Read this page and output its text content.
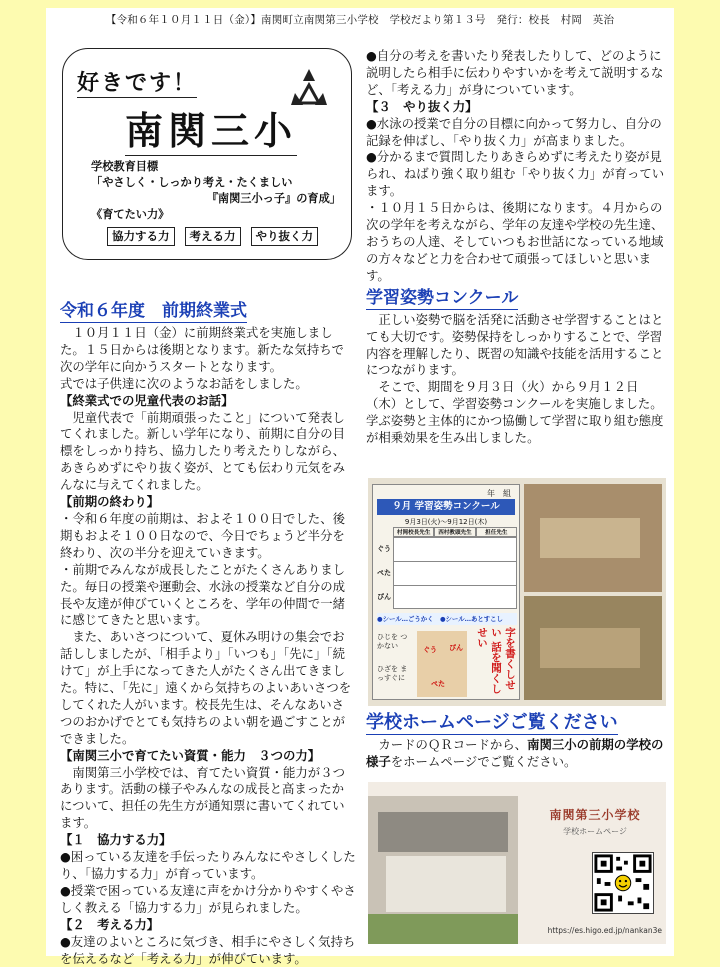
【令和６年１０月１１日（金）】南関町立南関第三小学校　学校だより第１３号　発行：校長　村岡　英治
好きです！
南関三小
学校教育目標
「やさしく・しっかり考え・たくましい
『南関三小っ子』の育成」
《育てたい力》
協力する力	考える力	やり抜く力
令和６年度　前期終業式

１０月１１日（金）に前期終業式を実施しました。１５日からは後期となります。新たな気持ちで次の学年に向かうスタートとなります。

式では子供達に次のようなお話をしました。

【終業式での児童代表のお話】

児童代表で「前期頑張ったこと」について発表してくれました。新しい学年になり、前期に自分の目標をしっかり持ち、協力したり考えたりしながら、あきらめずにやり抜く姿が、とても伝わり元気をみんなに与えてくれました。

【前期の終わり】

・令和６年度の前期は、およそ１００日でした、後期もおよそ１００日なので、今日でちょうど半分を終わり、次の半分を迎えていきます。

・前期でみんなが成長したことがたくさんありました。毎日の授業や運動会、水泳の授業など自分の成長や友達が伸びていくところを、学年の仲間で一緒に感じてきたと思います。

また、あいさつについて、夏休み明けの集会でお話ししましたが、「相手より」「いつも」「先に」「続けて」が上手になってきた人がたくさん出てきました。特に、「先に」遠くから気持ちのよいあいさつをしてくれた人がいます。校長先生は、そんなあいさつのおかげでとても気持ちのよい朝を過ごすことができました。

【南関三小で育てたい資質・能力　３つの力】

南関第三小学校では、育てたい資質・能力が３つあります。活動の様子やみんなの成長と高まったかについて、担任の先生方が通知票に書いてくれています。

【１　協力する力】

●困っている友達を手伝ったりみんなにやさしくしたり、「協力する力」が育っています。

●授業で困っている友達に声をかけ分かりやすくやさしく教える「協力する力」が見られました。

【２　考える力】

●友達のよいところに気づき、相手にやさしく気持ちを伝えるなど「考える力」が伸びています。

●自分の考えを書いたり発表したりして、どのように説明したら相手に伝わりやすいかを考えて説明するなど、「考える力」が身についています。

【３　やり抜く力】

●水泳の授業で自分の目標に向かって努力し、自分の記録を伸ばし、「やり抜く力」が高まりました。

●分かるまで質問したりあきらめずに考えたり姿が見られ、ねばり強く取り組む「やり抜く力」が育っています。

・１０月１５日からは、後期になります。４月からの次の学年を考えながら、学年の友達や学校の先生達、おうちの人達、そしていつもお世話になっている地域の方々などと力を合わせて頑張ってほしいと思います。

学習姿勢コンクール

正しい姿勢で脳を活発に活動させ学習することはとても大切です。姿勢保持をしっかりすることで、学習内容を理解したり、既習の知識や技能を活用することにつながります。

そこで、期間を９月３日（火）から９月１２日（木）として、学習姿勢コンクールを実施しました。学ぶ姿勢と主体的にかつ協働して学習に取り組む態度が相乗効果を生み出しました。

年　組
９月 学習姿勢コンクール
9月3日(火)〜9月12日(木)
村岡校長先生	西村教頭先生	担任先生
ぐう
ぺた
ぴん
●シール…ごうかく　●シール…あとすこし
ひじを つかない
ひざを まっすぐに
ぐう ぴん
ぺた	字を書くしせい 話を聞くしせい
学校ホームページご覧ください

カードのＱＲコードから、南関三小の前期の学校の様子をホームページでご覧ください。

南関第三小学校
学校ホームページ
https://es.higo.ed.jp/nankan3e
